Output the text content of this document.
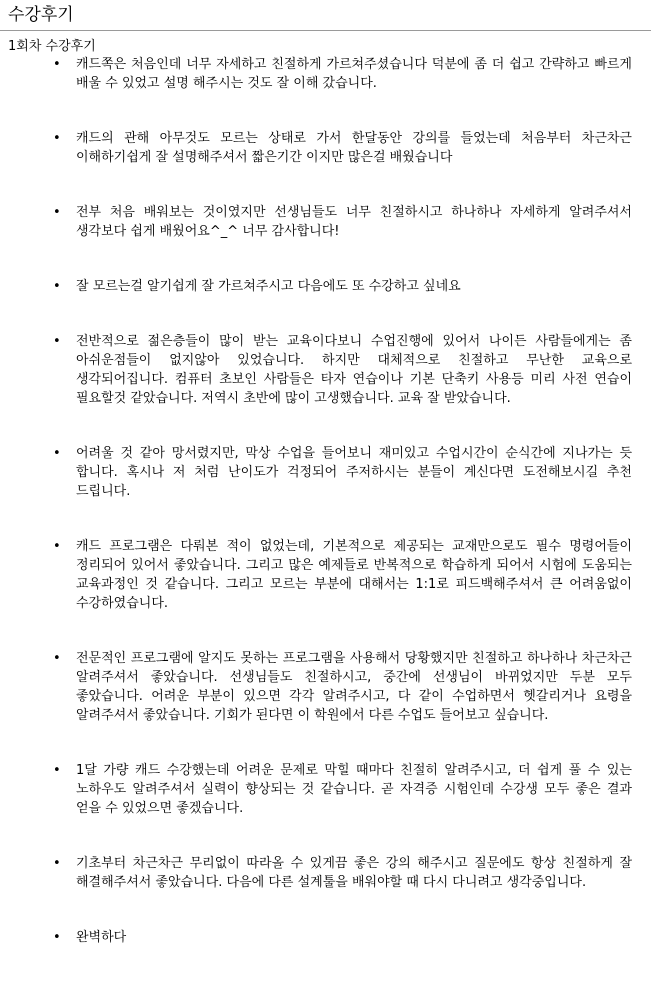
수강후기
1회차 수강후기
• 캐드쪽은 처음인데 너무 자세하고 친절하게 가르쳐주셨습니다 덕분에 좀 더 쉽고 간략하고 빠르게 배울 수 있었고 설명 해주시는 것도 잘 이해 갔습니다.
• 캐드의 관해 아무것도 모르는 상태로 가서 한달동안 강의를 들었는데 처음부터 차근차근 이해하기쉽게 잘 설명해주셔서 짧은기간 이지만 많은걸 배웠습니다
• 전부 처음 배워보는 것이였지만 선생님들도 너무 친절하시고 하나하나 자세하게 알려주셔서 생각보다 쉽게 배웠어요^_^ 너무 감사합니다!
• 잘 모르는걸 알기쉽게 잘 가르쳐주시고 다음에도 또 수강하고 싶네요
• 전반적으로 젊은층들이 많이 받는 교육이다보니 수업진행에 있어서 나이든 사람들에게는 좀 아쉬운점들이 없지않아 있었습니다. 하지만 대체적으로 친절하고 무난한 교육으로 생각되어집니다. 컴퓨터 초보인 사람들은 타자 연습이나 기본 단축키 사용등 미리 사전 연습이 필요할것 같았습니다. 저역시 초반에 많이 고생했습니다. 교육 잘 받았습니다.
• 어려울 것 같아 망서렸지만, 막상 수업을 들어보니 재미있고 수업시간이 순식간에 지나가는 듯 합니다. 혹시나 저 처럼 난이도가 걱정되어 주저하시는 분들이 계신다면 도전해보시길 추천 드립니다.
• 캐드 프로그램은 다뤄본 적이 없었는데, 기본적으로 제공되는 교재만으로도 필수 명령어들이 정리되어 있어서 좋았습니다. 그리고 많은 예제들로 반복적으로 학습하게 되어서 시험에 도움되는 교육과정인 것 같습니다. 그리고 모르는 부분에 대해서는 1:1로 피드백해주셔서 큰 어려움없이 수강하였습니다.
• 전문적인 프로그램에 알지도 못하는 프로그램을 사용해서 당황했지만 친절하고 하나하나 차근차근 알려주셔서 좋았습니다. 선생님들도 친절하시고, 중간에 선생님이 바뀌었지만 두분 모두 좋았습니다. 어려운 부분이 있으면 각각 알려주시고, 다 같이 수업하면서 헷갈리거나 요령을 알려주셔서 좋았습니다. 기회가 된다면 이 학원에서 다른 수업도 들어보고 싶습니다.
• 1달 가량 캐드 수강했는데 어려운 문제로 막힐 때마다 친절히 알려주시고, 더 쉽게 풀 수 있는 노하우도 알려주셔서 실력이 향상되는 것 같습니다. 곧 자격증 시험인데 수강생 모두 좋은 결과 얻을 수 있었으면 좋겠습니다.
• 기초부터 차근차근 무리없이 따라올 수 있게끔 좋은 강의 해주시고 질문에도 항상 친절하게 잘 해결해주셔서 좋았습니다. 다음에 다른 설계툴을 배워야할 때 다시 다니려고 생각중입니다.
• 완벽하다
